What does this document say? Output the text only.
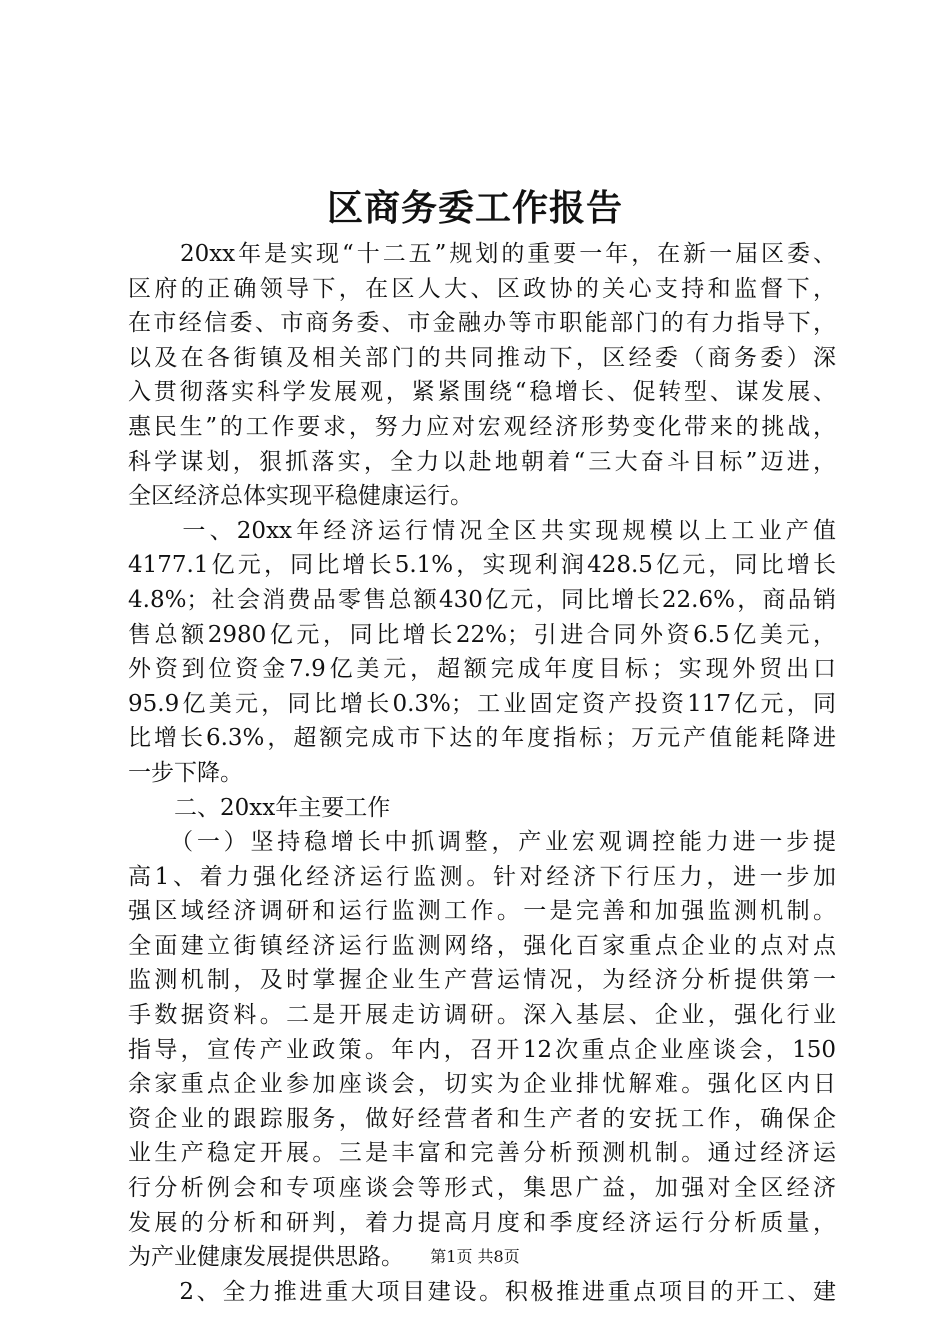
区商务委工作报告
　　20xx年是实现“十二五”规划的重要一年，在新一届区委、
区府的正确领导下，在区人大、区政协的关心支持和监督下，
在市经信委、市商务委、市金融办等市职能部门的有力指导下，
以及在各街镇及相关部门的共同推动下，区经委（商务委）深
入贯彻落实科学发展观，紧紧围绕“稳增长、促转型、谋发展、
惠民生”的工作要求，努力应对宏观经济形势变化带来的挑战，
科学谋划，狠抓落实，全力以赴地朝着“三大奋斗目标”迈进，
全区经济总体实现平稳健康运行。
　　一、20xx年经济运行情况全区共实现规模以上工业产值
4177.1亿元，同比增长5.1%，实现利润428.5亿元，同比增长
4.8%；社会消费品零售总额430亿元，同比增长22.6%，商品销
售总额2980亿元，同比增长22%；引进合同外资6.5亿美元，
外资到位资金7.9亿美元，超额完成年度目标；实现外贸出口
95.9亿美元，同比增长0.3%；工业固定资产投资117亿元，同
比增长6.3%，超额完成市下达的年度指标；万元产值能耗降进
一步下降。
　　二、20xx年主要工作
　　（一）坚持稳增长中抓调整，产业宏观调控能力进一步提
高1、着力强化经济运行监测。针对经济下行压力，进一步加
强区域经济调研和运行监测工作。一是完善和加强监测机制。
全面建立街镇经济运行监测网络，强化百家重点企业的点对点
监测机制，及时掌握企业生产营运情况，为经济分析提供第一
手数据资料。二是开展走访调研。深入基层、企业，强化行业
指导，宣传产业政策。年内，召开12次重点企业座谈会，150
余家重点企业参加座谈会，切实为企业排忧解难。强化区内日
资企业的跟踪服务，做好经营者和生产者的安抚工作，确保企
业生产稳定开展。三是丰富和完善分析预测机制。通过经济运
行分析例会和专项座谈会等形式，集思广益，加强对全区经济
发展的分析和研判，着力提高月度和季度经济运行分析质量，
为产业健康发展提供思路。
　　2、全力推进重大项目建设。积极推进重点项目的开工、建
第1页 共8页
